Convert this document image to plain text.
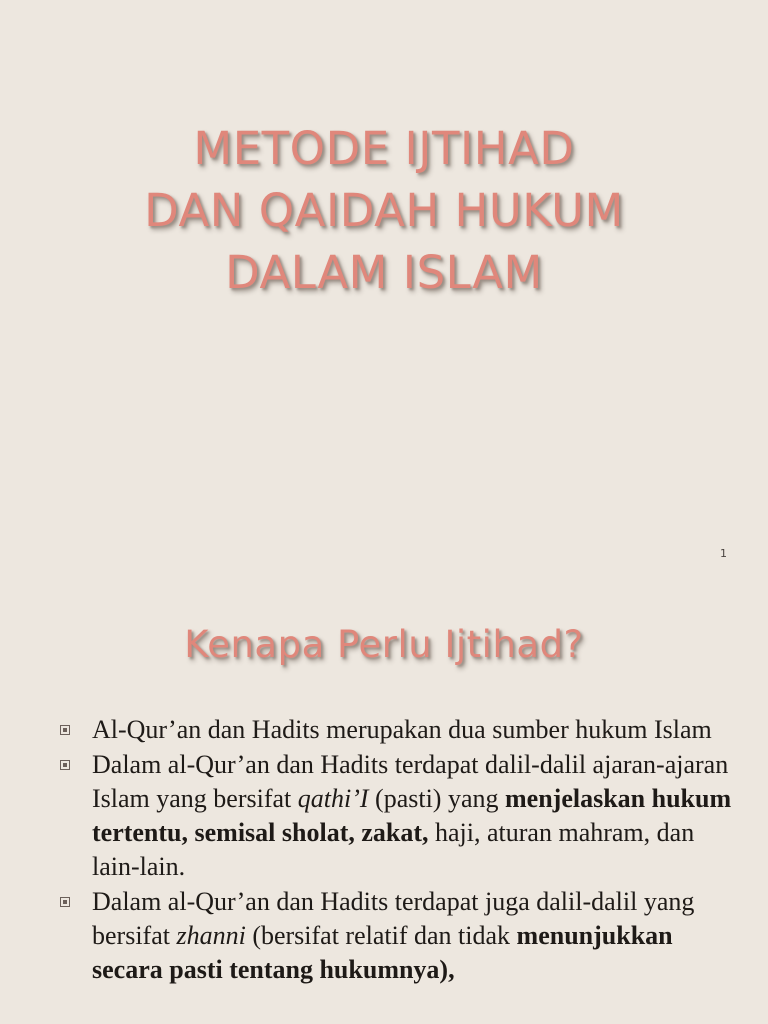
METODE IJTIHAD
DAN QAIDAH HUKUM
DALAM ISLAM
1
Kenapa Perlu Ijtihad?
Al-Qur’an dan Hadits merupakan dua sumber hukum Islam
Dalam al-Qur’an dan Hadits terdapat dalil-dalil ajaran-ajaran Islam yang bersifat qathi’I (pasti) yang menjelaskan hukum tertentu, semisal sholat, zakat, haji, aturan mahram, dan lain-lain.
Dalam al-Qur’an dan Hadits terdapat juga dalil-dalil yang bersifat zhanni (bersifat relatif dan tidak menunjukkan secara pasti tentang hukumnya),
